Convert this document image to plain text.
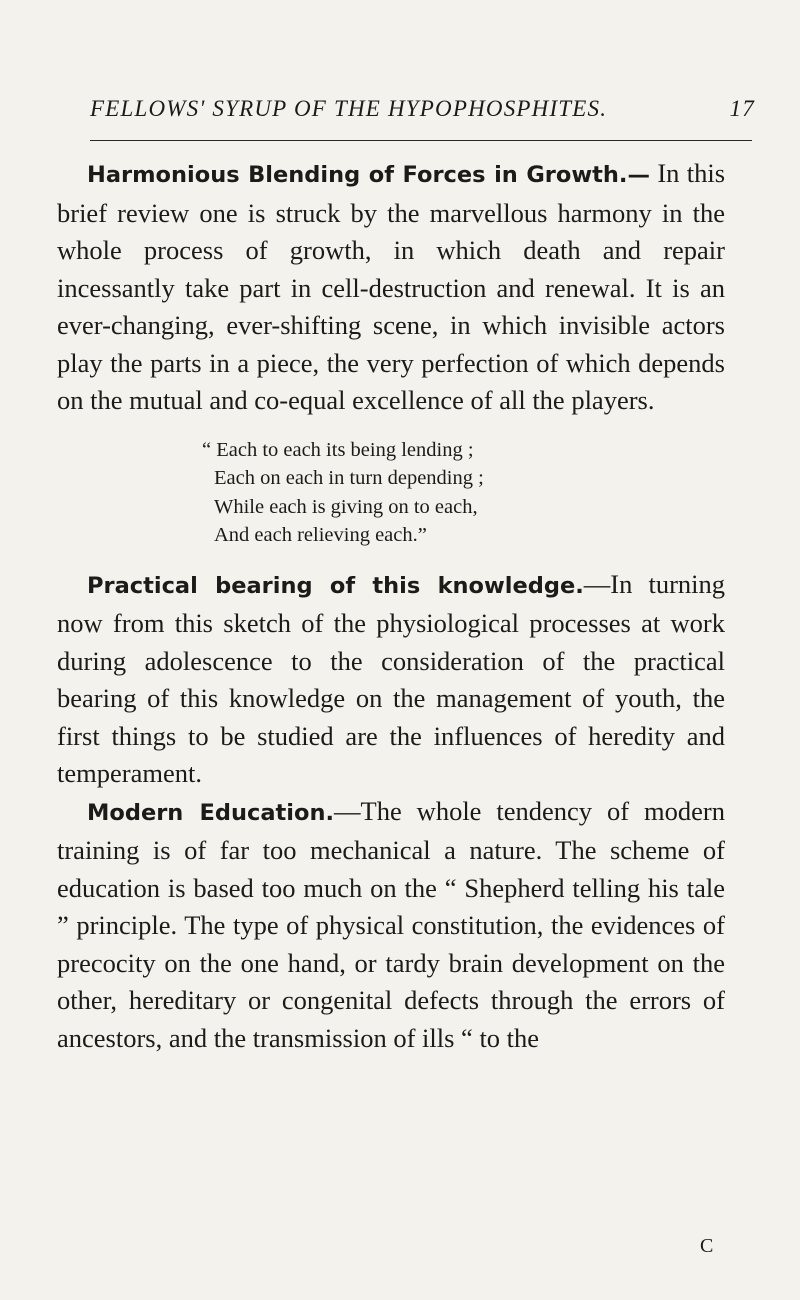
FELLOWS' SYRUP OF THE HYPOPHOSPHITES.	17

Harmonious Blending of Forces in Growth.— In this brief review one is struck by the marvellous harmony in the whole process of growth, in which death and repair incessantly take part in cell-destruction and renewal. It is an ever-changing, ever-shifting scene, in which invisible actors play the parts in a piece, the very perfection of which depends on the mutual and co-equal excellence of all the players.

“ Each to each its being lending ;
Each on each in turn depending ;
While each is giving on to each,
And each relieving each.”

Practical bearing of this knowledge.—In turning now from this sketch of the physiological processes at work during adolescence to the consideration of the practical bearing of this knowledge on the management of youth, the first things to be studied are the influences of heredity and temperament.

Modern Education.—The whole tendency of modern training is of far too mechanical a nature. The scheme of education is based too much on the “ Shepherd telling his tale ” principle. The type of physical constitution, the evidences of precocity on the one hand, or tardy brain development on the other, hereditary or congenital defects through the errors of ancestors, and the transmission of ills “ to the

C
